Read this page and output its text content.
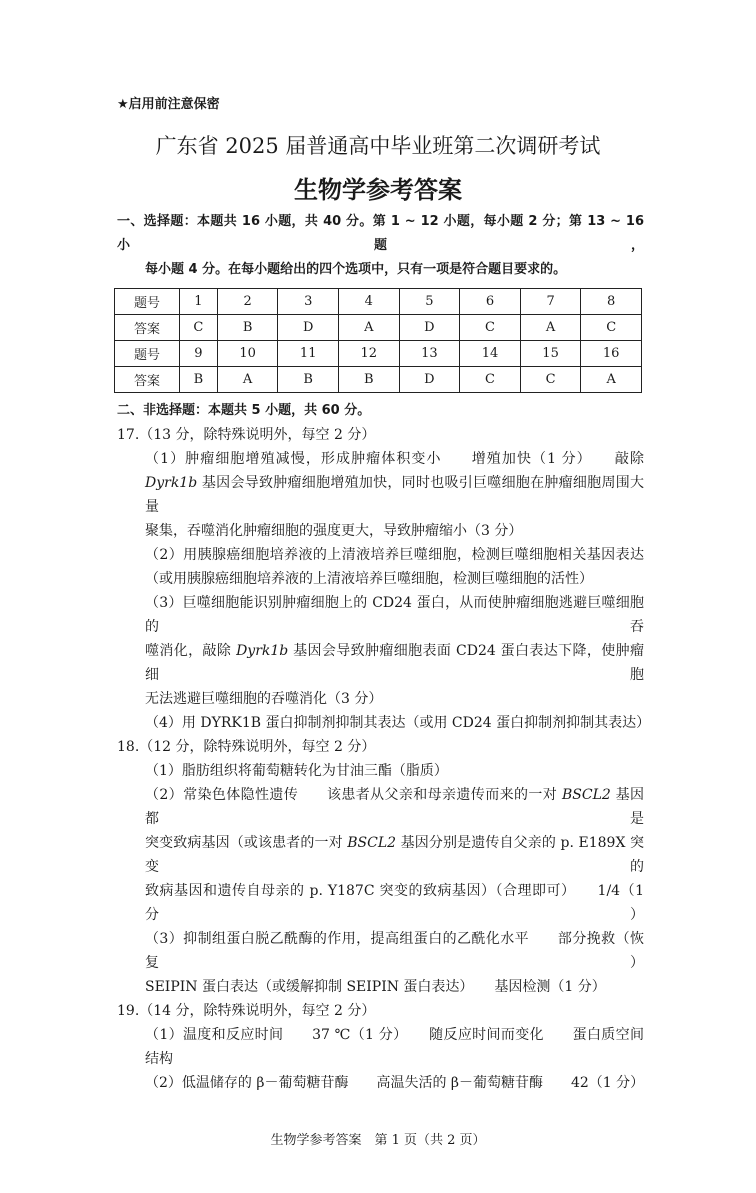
★启用前注意保密
广东省 2025 届普通高中毕业班第二次调研考试
生物学参考答案
一、选择题：本题共 16 小题，共 40 分。第 1 ~ 12 小题，每小题 2 分；第 13 ~ 16 小题，
每小题 4 分。在每小题给出的四个选项中，只有一项是符合题目要求的。
题号	1	2	3	4	5	6	7	8
答案	C	B	D	A	D	C	A	C
题号	9	10	11	12	13	14	15	16
答案	B	A	B	B	D	C	C	A
二、非选择题：本题共 5 小题，共 60 分。
17.（13 分，除特殊说明外，每空 2 分）
（1）肿瘤细胞增殖减慢，形成肿瘤体积变小　　增殖加快（1 分）　　敲除
Dyrk1b 基因会导致肿瘤细胞增殖加快，同时也吸引巨噬细胞在肿瘤细胞周围大量
聚集，吞噬消化肿瘤细胞的强度更大，导致肿瘤缩小（3 分）
（2）用胰腺癌细胞培养液的上清液培养巨噬细胞，检测巨噬细胞相关基因表达
（或用胰腺癌细胞培养液的上清液培养巨噬细胞，检测巨噬细胞的活性）
（3）巨噬细胞能识别肿瘤细胞上的 CD24 蛋白，从而使肿瘤细胞逃避巨噬细胞的吞
噬消化，敲除 Dyrk1b 基因会导致肿瘤细胞表面 CD24 蛋白表达下降，使肿瘤细胞
无法逃避巨噬细胞的吞噬消化（3 分）
（4）用 DYRK1B 蛋白抑制剂抑制其表达（或用 CD24 蛋白抑制剂抑制其表达）
18.（12 分，除特殊说明外，每空 2 分）
（1）脂肪组织将葡萄糖转化为甘油三酯（脂质）
（2）常染色体隐性遗传　　该患者从父亲和母亲遗传而来的一对 BSCL2 基因都是
突变致病基因（或该患者的一对 BSCL2 基因分别是遗传自父亲的 p. E189X 突变的
致病基因和遗传自母亲的 p. Y187C 突变的致病基因）（合理即可）　　1/4（1 分）
（3）抑制组蛋白脱乙酰酶的作用，提高组蛋白的乙酰化水平　　部分挽救（恢复）
SEIPIN 蛋白表达（或缓解抑制 SEIPIN 蛋白表达）　　基因检测（1 分）
19.（14 分，除特殊说明外，每空 2 分）
（1）温度和反应时间　　37 ℃（1 分）　　随反应时间而变化　　蛋白质空间
结构
（2）低温储存的 β－葡萄糖苷酶　　高温失活的 β－葡萄糖苷酶　　42（1 分）
生物学参考答案　第 1 页（共 2 页）
